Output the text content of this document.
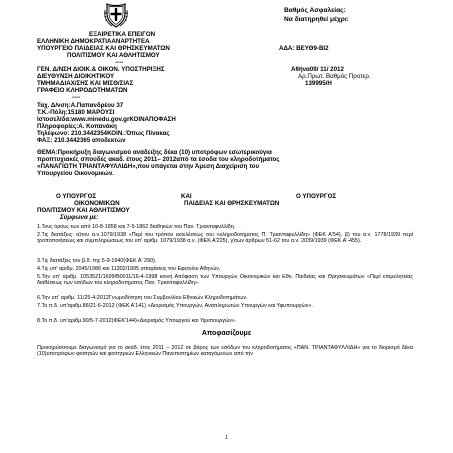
Βαθμός Ασφαλείας:
Να διατηρηθεί μέχρι:
ΕΞΑΙΡΕΤΙΚΑ ΕΠΕΙΓΟΝ
ΕΛΛΗΝΙΚΗ ΔΗΜΟΚΡΑΤΙΑΑΝΑΡΤΗΤΕΑ
ΥΠΟΥΡΓΕΙΟ ΠΑΙΔΕΙΑΣ ΚΑΙ ΘΡΗΣΚΕΥΜΑΤΩΝ	ΑΔΑ: ΒΕΥΘ9-ΒΙ2
ΠΟΛΙΤΙΣΜΟΥ ΚΑΙ ΑΘΛΗΤΙΣΜΟΥ
----
ΓΕΝ. Δ/ΝΣΗ ΔΙΟΙΚ.& ΟΙΚΟΝ. ΥΠΟΣΤΗΡΙΞΗΣ	Αθήνα09/ 11/ 2012
ΔΙΕΥΘΥΝΣΗ ΔΙΟΙΚΗΤΙΚΟΥ	Αρ.Πρωτ. Βαθμός Προτερ.
ΤΜΗΜΑΔΙΑΧ/ΣΗΣ ΚΑΙ ΜΙΣΘ/ΣΙΑΣ	139995/Η
ΓΡΑΦΕΙΟ ΚΛΗΡΟΔΟΤΗΜΑΤΩΝ
----
Ταχ. Δ/νση:Α.Παπανδρέου 37
Τ.Κ.-Πόλη:15180 ΜΑΡΟΥΣΙ
Ιστοσελίδα:www.minedu.gov.grΚΟΙΝΑΠΟΦΑΣΗ
Πληροφορίες:Α. Κοπανάκη
Τηλέφωνο: 210.3442354ΚΟΙΝ.:Όπως Πίνακας
ΦΑΞ: 210.3442365 αποδεκτών
ΘΕΜΑ:Προκήρυξη διαγωνισμού ανάδειξης δέκα (10) υποτρόφων εσωτερικούγια
προπτυχιακές σπουδές ακαδ. έτους 2011– 2012από τα έσοδα του κληροδοτήματος
«ΠΑΝΑΓΙΩΤΗ ΤΡΙΑΝΤΑΦΥΛΛΙΔΗ»,που υπάγεται στην Άμεση Διαχείριση του
Υπουργείου Οικονομικών.
Ο ΥΠΟΥΡΓΟΣ	ΚΑΙ	Ο ΥΠΟΥΡΓΟΣ
ΟΙΚΟΝΟΜΙΚΩΝ	ΠΑΙΔΕΙΑΣ ΚΑΙ ΘΡΗΣΚΕΥΜΑΤΩΝ
ΠΟΛΙΤΙΣΜΟΥ ΚΑΙ ΑΘΛΗΤΙΣΜΟΥ
Σύμφωνα με:
1.Τους όρους των από 10-8-1858 και 7-5-1862 διαθηκών του Παν. Τριανταφυλλίδη.
2.Τις διατάξεις: α)του α.ν.1079/1938 «Περί του τρόπου εκτελέσεως του «κληροδοτήματος Π. Τριανταφυλλίδη» (ΦΕΚ Α'54), β) του α.ν. 1778/1939 περί τροποποιήσεως και συμπληρώσεως του υπ' αριθμ. 1079/1938 α.ν. (ΦΕΚ Α'225), γ)των άρθρων 51-62 του α.ν. 2039/1939 (ΦΕΚ Α'-455).
3.Τις διατάξεις του β.δ. της 5-9-1940(ΦΕΚ Α' 290).
4.Τις υπ' αριθμ. 2045/1986 και 11302/1995 αποφάσεις του Εφετείου Αθηνών.
5.Την υπ' αριθμ. 1053521/1699/Β0011/16-4-1998 κοινή Απόφαση των Υπουργών Οικονομικών και Εθν. Παιδείας και Θρησκευμάτων «Περί επιμελητείας διαθέσεως των εσόδων του κληροδοτήματος Παν. Τριανταφυλλίδη».
6.Την υπ' αριθμ. 11/25-4-2012Γνωμοδότηση του Συμβουλίου Εθνικών Κληροδοτημάτων.
7.Το π.δ. υπ'αριθμ.86/21-6-2012 (ΦΕΚ Α'141) «Διορισμός Υπουργών, Αναπληρωτών Υπουργών και Υφυπουργών».
8.Το π.δ. υπ'αριθμ.90/5-7-2012(ΦΕΚ'144)«Διορισμός Υπουργού και Υφυπουργών».
Αποφασίζουμε
Προκηρύσσουμε διαγωνισμό για το ακαδ. έτος 2011 – 2012 σε βάρος των εσόδων του κληροδοτήματος «ΠΑΝ. ΤΡΙΑΝΤΑΦΥΛΛΙΔΗ» για το διορισμό δέκα (10)υποτρόφων φοιτητών και φοιτητριών Ελληνικών Πανεπιστημίων καταγόμενων από την
1
